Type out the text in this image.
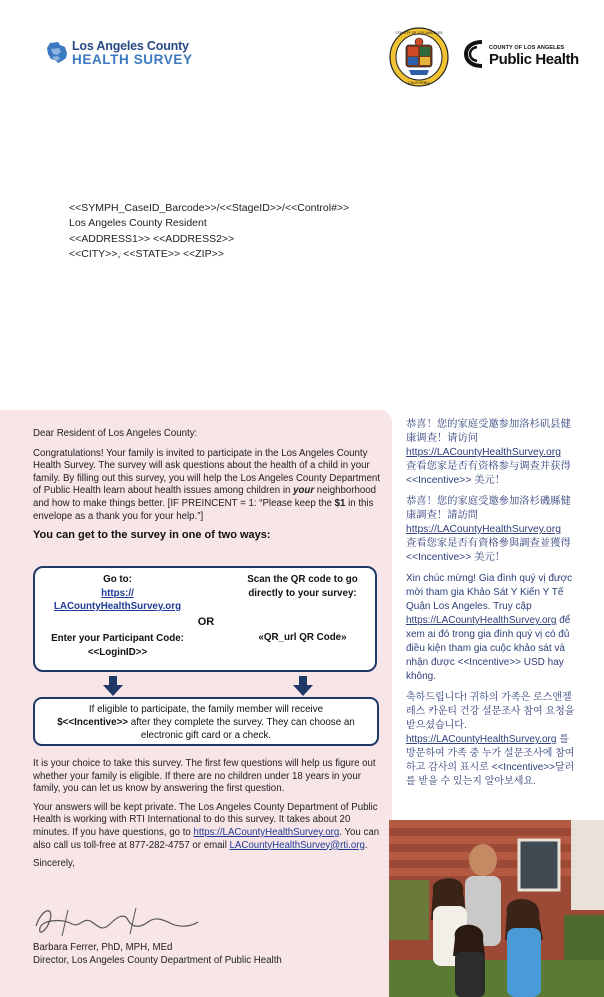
Los Angeles County
HEALTH SURVEY
COUNTY OF LOS ANGELES
CALIFORNIA
COUNTY OF LOS ANGELES
Public Health
<<SYMPH_CaseID_Barcode>>/<<StageID>>/<<Control#>>
Los Angeles County Resident
<<ADDRESS1>> <<ADDRESS2>>
<<CITY>>, <<STATE>> <<ZIP>>

Dear Resident of Los Angeles County:

Congratulations! Your family is invited to participate in the Los Angeles County Health Survey. The survey will ask questions about the health of a child in your family. By filling out this survey, you will help the Los Angeles County Department of Public Health learn about health issues among children in your neighborhood and how to make things better. [IF PREINCENT = 1: “Please keep the $1 in this envelope as a thank you for your help.”]

You can get to the survey in one of two ways:
Go to:
https://
LACountyHealthSurvey.org
OR
Enter your Participant Code:
<<LoginID>>
Scan the QR code to go directly to your survey:
«QR_url QR Code»
If eligible to participate, the family member will receive
$<<Incentive>> after they complete the survey. They can choose an electronic gift card or a check.

It is your choice to take this survey. The first few questions will help us figure out whether your family is eligible. If there are no children under 18 years in your family, you can let us know by answering the first question.

Your answers will be kept private. The Los Angeles County Department of Public Health is working with RTI International to do this survey. It takes about 20 minutes. If you have questions, go to https://LACountyHealthSurvey.org. You can also call us toll-free at 877-282-4757 or email LACountyHealthSurvey@rti.org.

Sincerely,

Barbara Ferrer, PhD, MPH, MEd
Director, Los Angeles County Department of Public Health

恭喜！您的家庭受邀参加洛杉矶县健康调查！请访问
https://LACountyHealthSurvey.org
查看您家是否有资格参与调查并获得 <<Incentive>> 美元！

恭喜！您的家庭受邀參加洛杉磯縣健康調查！請訪問
https://LACountyHealthSurvey.org
查看您家是否有資格參與調查並獲得 <<Incentive>> 美元！

Xin chúc mừng! Gia đình quý vị được mời tham gia Khảo Sát Y Kiến Y Tế Quận Los Angeles. Truy cập https://LACountyHealthSurvey.org để xem ai đó trong gia đình quý vị có đủ điều kiện tham gia cuộc khảo sát và nhận được <<Incentive>> USD hay không.

축하드립니다! 귀하의 가족은 로스앤젤레스 카운티 건강 설문조사 참여 요청을 받으셨습니다.
https://LACountyHealthSurvey.org 를 방문하여 가족 중 누가 설문조사에 참여하고 감사의 표시로 <<Incentive>>달러를 받을 수 있는지 알아보세요.
